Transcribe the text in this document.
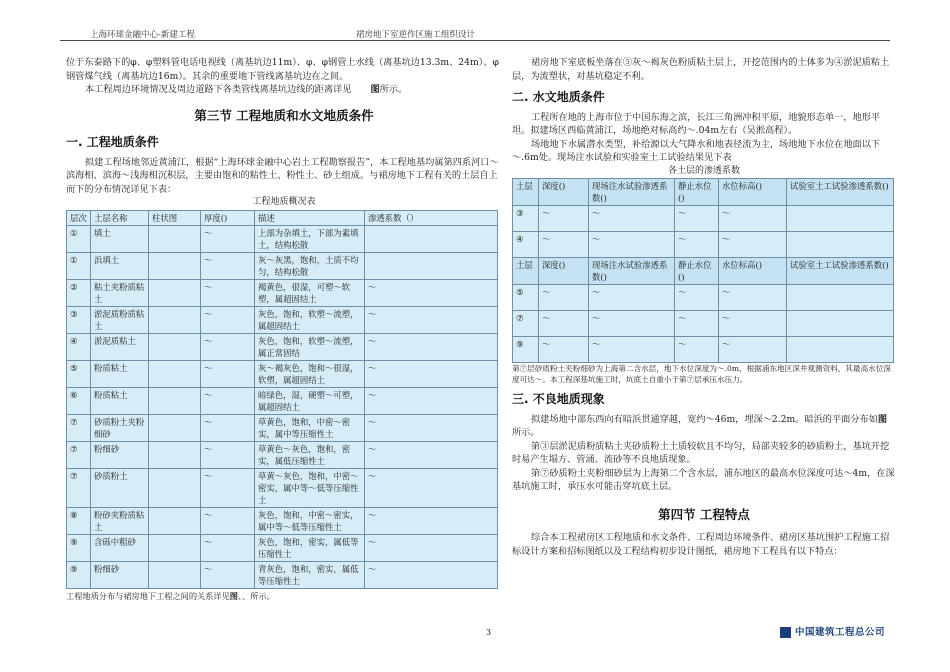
上海环球金融中心-新建工程	裙房地下室逆作区施工组织设计

位于东泰路下的φ、φ塑料管电话电视线（离基坑边11m）、φ、φ钢管上水线（离基坑边13.3m、24m）、φ钢管煤气线（离基坑边16m）。其余的重要地下管线离基坑边在之间。

本工程周边环境情况及周边道路下各类管线离基坑边线的距离详见 图所示。

第三节 工程地质和水文地质条件

一. 工程地质条件

拟建工程场地邻近黄浦江，根据“上海环球金融中心岩土工程勘察报告”，本工程地基均属第四系河口～滨海相、滨海～浅海相沉积层，主要由饱和的粘性土、粉性土、砂土组成。与裙房地下工程有关的土层自上而下的分布情况详见下表：

工程地质概况表

层次	土层名称	柱状图	厚度()	描述	渗透系数（）
①	填土		～	上部为杂填土，下部为素填土，结构松散	
①	浜填土		～	灰～灰黑，饱和，土质不均匀，结构松散	
②	粘土夹粉质粘土		～	褐黄色，很湿，可塑～软塑，属超固结土	～
③	淤泥质粉质粘土		～	灰色，饱和，软塑～流塑，属超固结土	～
④	淤泥质粘土		～	灰色，饱和，软塑～流塑，属正常固结	～
⑤	粉质粘土		～	灰～褐灰色，饱和～很湿，软塑，属超固结土	～
⑥	粉质粘土		～	暗绿色，湿，硬塑～可塑，属超固结土	～
⑦	砂质粉土夹粉细砂		～	草黄色，饱和，中密～密实，属中等压缩性土	～
⑦	粉细砂		～	草黄色～灰色，饱和，密实，属低压缩性土	～
⑦	砂质粉土		～	草黄～灰色，饱和，中密～密实，属中等～低等压缩性土	～
⑧	粉砂夹粉质粘土		～	灰色，饱和，中密～密实，属中等～低等压缩性土	～
⑨	含砾中粗砂		～	灰色，饱和，密实，属低等压缩性土	～
⑨	粉细砂		～	青灰色，饱和，密实，属低等压缩性土	～

工程地质分布与裙房地下工程之间的关系详见图、、所示。

裙房地下室底板坐落在⑤灰～褐灰色粉质粘土层上，开挖范围内的土体多为④淤泥质粘土层，为流塑状，对基坑稳定不利。

二. 水文地质条件

工程所在地的上海市位于中国东海之滨，长江三角洲冲积平原，地貌形态单一，地形平坦。拟建场区西临黄浦江，场地绝对标高约～.04m左右（吴淞高程）。

场地地下水属潜水类型，补给源以大气降水和地表径流为主，场地地下水位在地面以下～.6m处。现场注水试验和实验室土工试验结果见下表

各土层的渗透系数

土层	深度()	现场注水试验渗透系数()	静止水位()	水位标高()	试验室土工试验渗透系数()
③	～	～	～	～	
④	～	～	～	～	
土层	深度()	现场注水试验渗透系数()	静止水位()	水位标高()	试验室土工试验渗透系数()
⑤	～	～	～	～	
⑦	～	～	～	～	
⑨	～	～	～	～	

第⑦层砂质粉土夹粉细砂为上海第二含水层，地下水位深度为～.0m，根据浦东地区深井观测资料，其最高水位深度可达～。本工程深基坑施工时，坑底土自重小于第⑦层承压水压力。

三. 不良地质现象

拟建场地中部东西向有暗浜贯通穿越，宽约～46m，埋深～2.2m。暗浜的平面分布如图所示。

第③层淤泥质粉质粘土夹砂质粉土土质较软且不均匀，局部夹较多的砂质粉土，基坑开挖时易产生塌方、管涌、流砂等不良地质现象。

第⑦砂质粉土夹粉细砂层为上海第二个含水层，浦东地区的最高水位深度可达～4m，在深基坑施工时，承压水可能击穿坑底土层。

第四节 工程特点

综合本工程裙房区工程地质和水文条件、工程周边环境条件、裙房区基坑围护工程施工招标设计方案和招标图纸以及工程结构初步设计图纸，裙房地下工程具有以下特点：

3	中国建筑工程总公司
